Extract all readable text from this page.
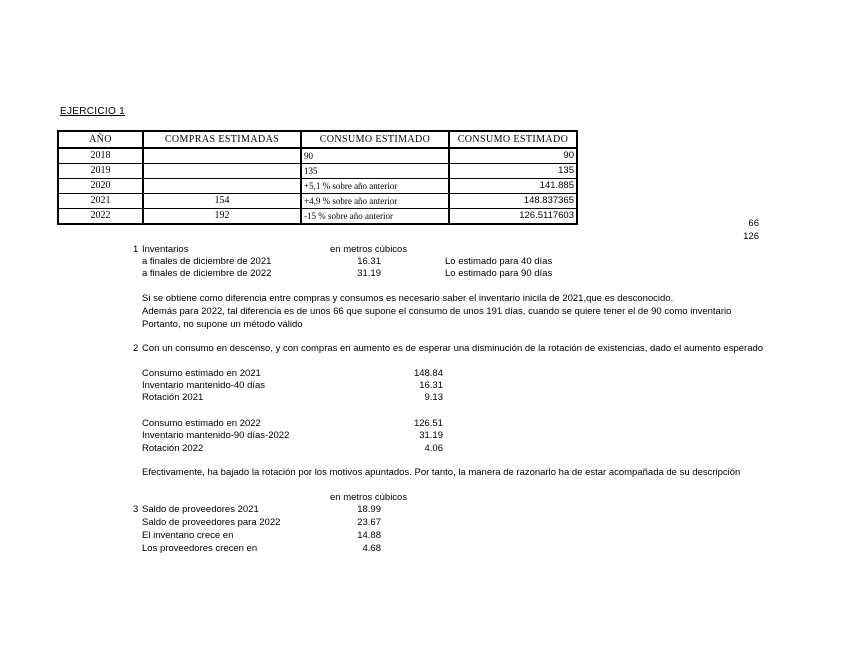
EJERCICIO 1
AÑO	COMPRAS ESTIMADAS	CONSUMO ESTIMADO	CONSUMO ESTIMADO
2018		90	90
2019		135	135
2020		+5,1 % sobre año anterior	141.885
2021	154	+4,9 % sobre año anterior	148.837365
2022	192	-15 % sobre año anterior	126.5117603
66
126
1 Inventarios	en metros cúbicos
a finales de diciembre de 2021	16.31	Lo estimado para 40 días
a finales de diciembre de 2022	31.19	Lo estimado para 90 días
Si se obtiene como diferencia entre compras y consumos es necesario saber el inventario inicila de 2021,que es desconocido.
Además para 2022, tal diferencia es de unos 66 que supone el consumo de unos 191 días, cuando se quiere tener el de 90 como inventario
Portanto, no supone un método válido
2 Con un consumo en descenso, y con compras en aumento es de esperar una disminución de la rotación de existencias, dado el aumento esperado
Consumo estimado en 2021	148.84
Inventario mantenido-40 días	16.31
Rotación 2021	9.13
Consumo estimado en 2022	126.51
Inventario mantenido-90 días-2022	31.19
Rotación 2022	4.06
Efectivamente, ha bajado la rotación por los motivos apuntados. Por tanto, la manera de razonarlo ha de estar acompañada de su descripción
en metros cúbicos
3 Saldo de proveedores 2021	18.99
Saldo de proveedores para 2022	23.67
El inventario crece en	14.88
Los proveedores crecen en	4.68
